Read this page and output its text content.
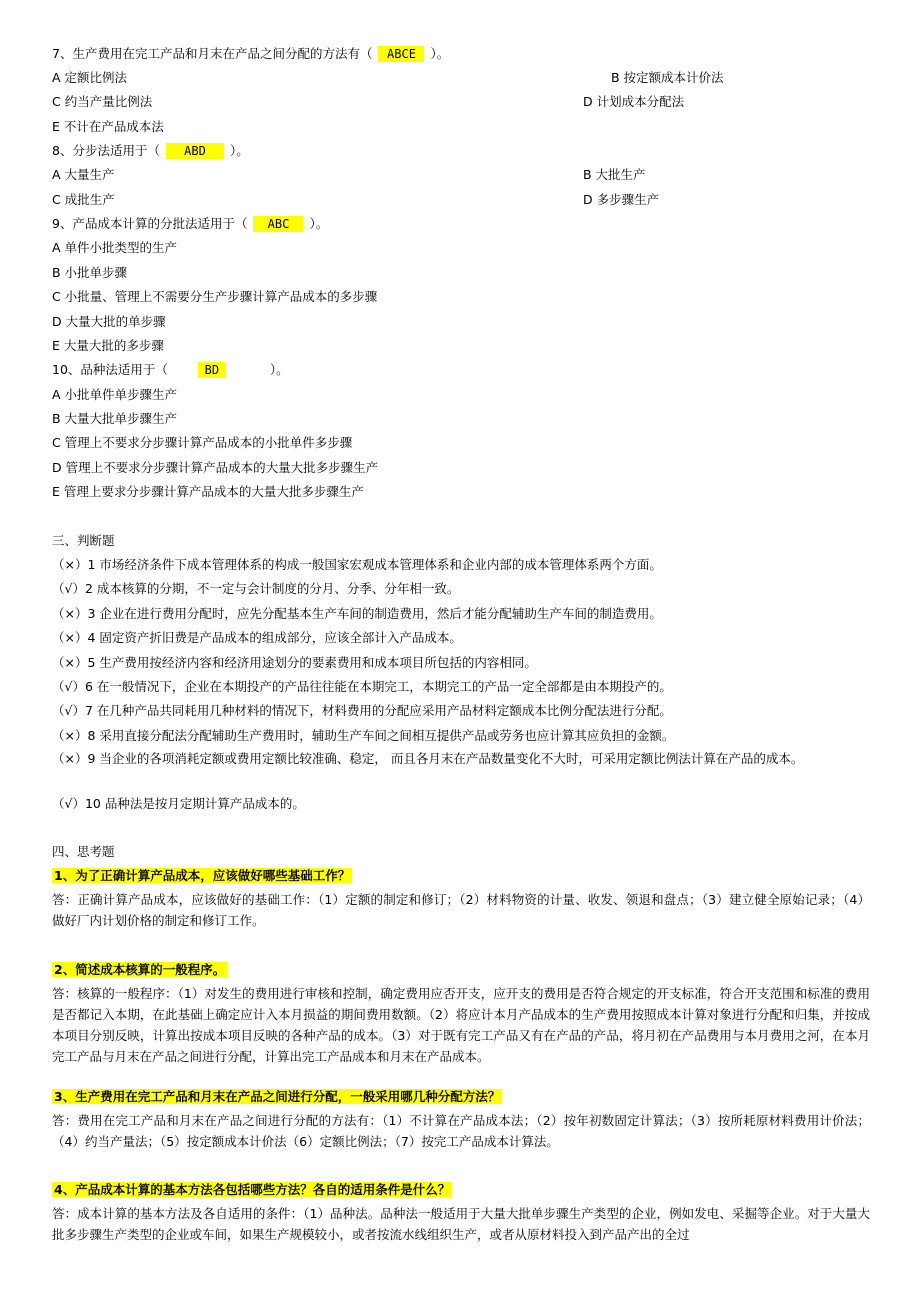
7、生产费用在完工产品和月末在产品之间分配的方法有（ ABCE ）。
A 定额比例法	B 按定额成本计价法
C 约当产量比例法	D 计划成本分配法
E 不计在产品成本法
8、分步法适用于（ ABD ）。
A 大量生产	B 大批生产
C 成批生产	D 多步骤生产
9、产品成本计算的分批法适用于（ ABC ）。
A 单件小批类型的生产
B 小批单步骤
C 小批量、管理上不需要分生产步骤计算产品成本的多步骤
D 大量大批的单步骤
E 大量大批的多步骤
10、品种法适用于（	BD	）。
A 小批单件单步骤生产
B 大量大批单步骤生产
C 管理上不要求分步骤计算产品成本的小批单件多步骤
D 管理上不要求分步骤计算产品成本的大量大批多步骤生产
E 管理上要求分步骤计算产品成本的大量大批多步骤生产
三、判断题
（×）1 市场经济条件下成本管理体系的构成一般国家宏观成本管理体系和企业内部的成本管理体系两个方面。
（√）2 成本核算的分期，不一定与会计制度的分月、分季、分年相一致。
（×）3 企业在进行费用分配时，应先分配基本生产车间的制造费用，然后才能分配辅助生产车间的制造费用。
（×）4 固定资产折旧费是产品成本的组成部分，应该全部计入产品成本。
（×）5 生产费用按经济内容和经济用途划分的要素费用和成本项目所包括的内容相同。
（√）6 在一般情况下，企业在本期投产的产品往往能在本期完工，本期完工的产品一定全部都是由本期投产的。
（√）7 在几种产品共同耗用几种材料的情况下，材料费用的分配应采用产品材料定额成本比例分配法进行分配。
（×）8 采用直接分配法分配辅助生产费用时，辅助生产车间之间相互提供产品或劳务也应计算其应负担的金额。
（×）9 当企业的各项消耗定额或费用定额比较准确、稳定， 而且各月末在产品数量变化不大时，可采用定额比例法计算在产品的成本。
（√）10 品种法是按月定期计算产品成本的。
四、思考题
1、为了正确计算产品成本，应该做好哪些基础工作？
答：正确计算产品成本，应该做好的基础工作：（1）定额的制定和修订；（2）材料物资的计量、收发、领退和盘点；（3）建立健全原始记录；（4）做好厂内计划价格的制定和修订工作。
2、简述成本核算的一般程序。
答：核算的一般程序：（1）对发生的费用进行审核和控制，确定费用应否开支，应开支的费用是否符合规定的开支标准，符合开支范围和标准的费用是否都记入本期，在此基础上确定应计入本月损益的期间费用数额。（2）将应计本月产品成本的生产费用按照成本计算对象进行分配和归集，并按成本项目分别反映，计算出按成本项目反映的各种产品的成本。（3）对于既有完工产品又有在产品的产品，将月初在产品费用与本月费用之河，在本月完工产品与月末在产品之间进行分配，计算出完工产品成本和月末在产品成本。
3、生产费用在完工产品和月末在产品之间进行分配，一般采用哪几种分配方法？
答：费用在完工产品和月末在产品之间进行分配的方法有：（1）不计算在产品成本法；（2）按年初数固定计算法；（3）按所耗原材料费用计价法；（4）约当产量法；（5）按定额成本计价法（6）定额比例法；（7）按完工产品成本计算法。
4、产品成本计算的基本方法各包括哪些方法？各自的适用条件是什么？
答：成本计算的基本方法及各自适用的条件：（1）品种法。品种法一般适用于大量大批单步骤生产类型的企业，例如发电、采掘等企业。对于大量大批多步骤生产类型的企业或车间，如果生产规模较小，或者按流水线组织生产，或者从原材料投入到产品产出的全过
